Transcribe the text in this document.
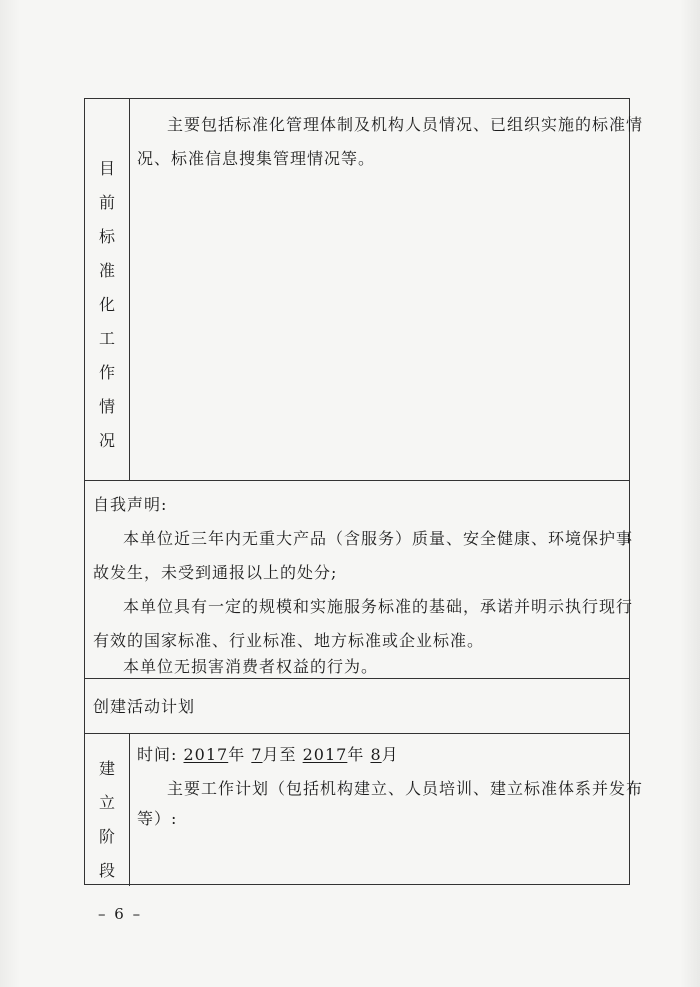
目
前
标
准
化
工
作
情
况
主要包括标准化管理体制及机构人员情况、已组织实施的标准情
况、标准信息搜集管理情况等。
自我声明:
本单位近三年内无重大产品（含服务）质量、安全健康、环境保护事
故发生，未受到通报以上的处分;
本单位具有一定的规模和实施服务标准的基础，承诺并明示执行现行
有效的国家标准、行业标准、地方标准或企业标准。
本单位无损害消费者权益的行为。
创建活动计划
建
立
阶
段
时间: 2017年 7月至 2017年 8月
主要工作计划（包括机构建立、人员培训、建立标准体系并发布
等）:
– 6 –
